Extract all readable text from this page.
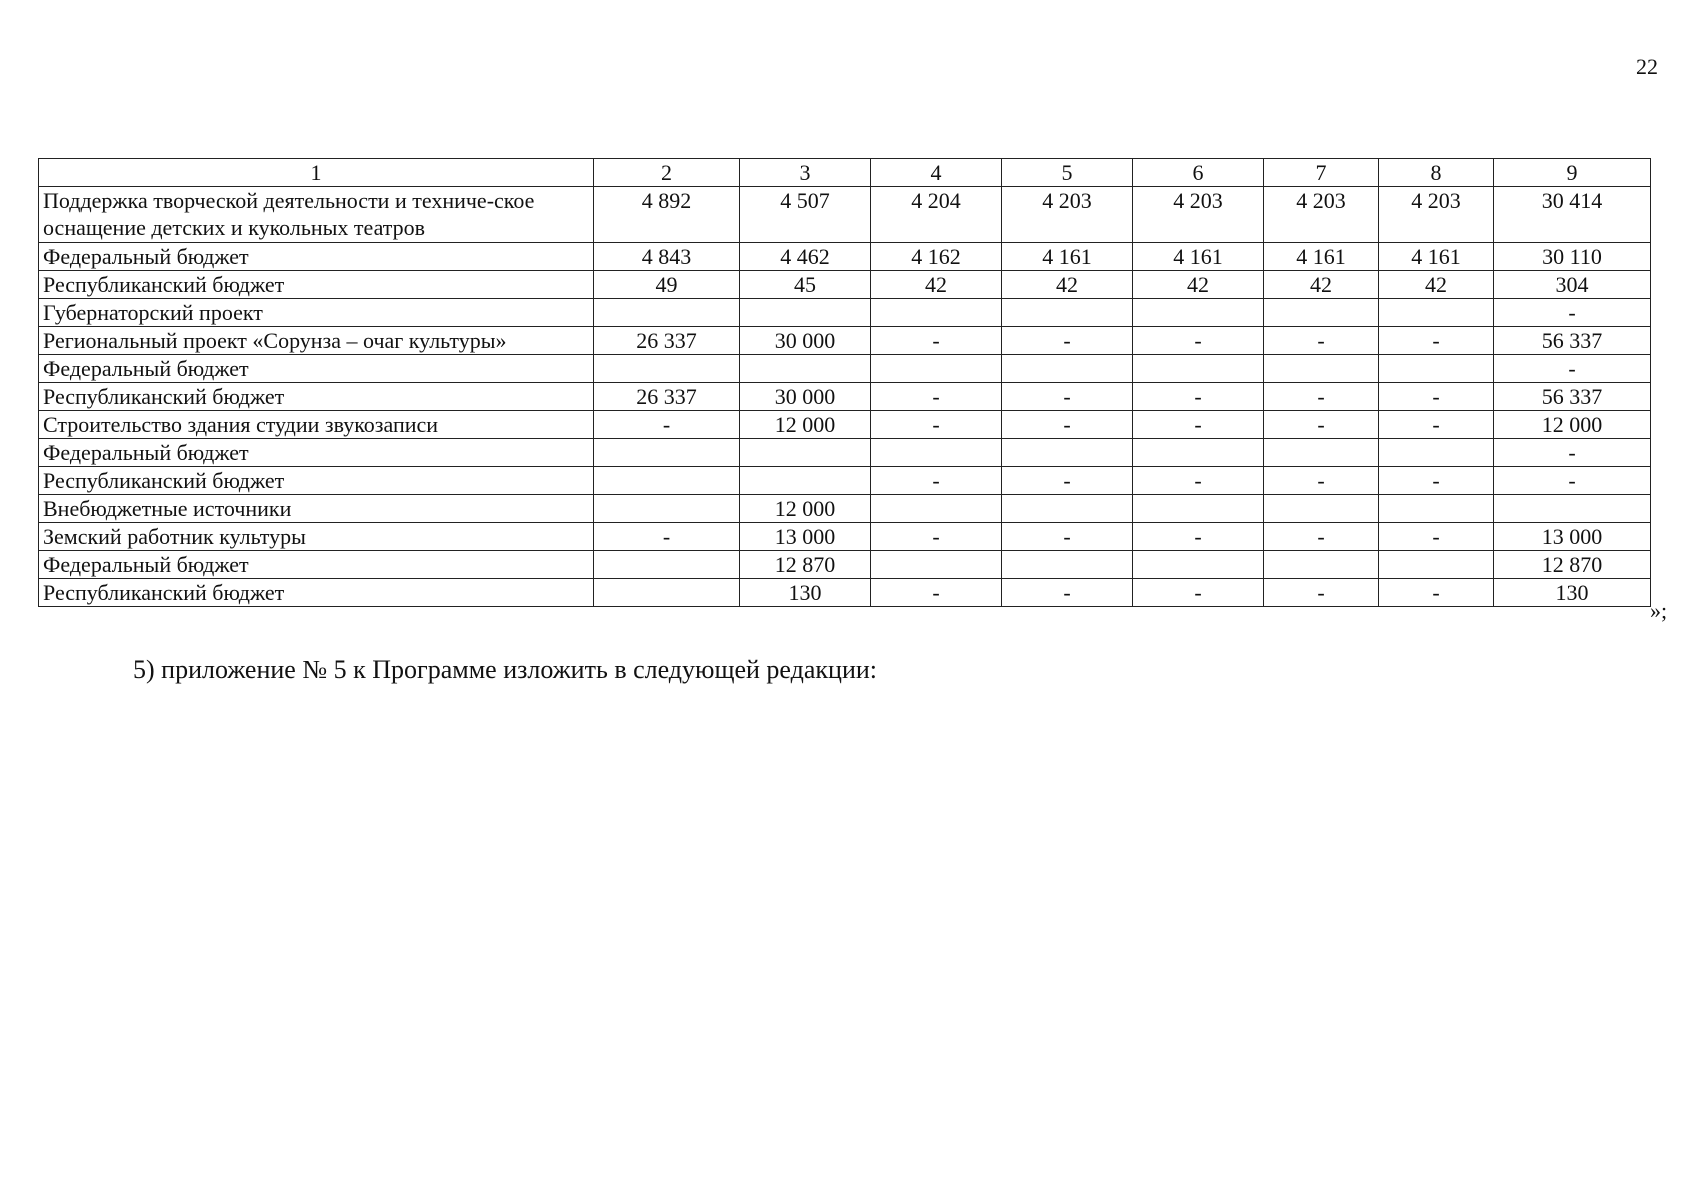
22
1	2	3	4	5	6	7	8	9
Поддержка творческой деятельности и техниче-ское оснащение детских и кукольных театров	4 892	4 507	4 204	4 203	4 203	4 203	4 203	30 414
Федеральный бюджет	4 843	4 462	4 162	4 161	4 161	4 161	4 161	30 110
Республиканский бюджет	49	45	42	42	42	42	42	304
Губернаторский проект								-
Региональный проект «Сорунза – очаг культуры»	26 337	30 000	-	-	-	-	-	56 337
Федеральный бюджет								-
Республиканский бюджет	26 337	30 000	-	-	-	-	-	56 337
Строительство здания студии звукозаписи	-	12 000	-	-	-	-	-	12 000
Федеральный бюджет								-
Республиканский бюджет			-	-	-	-	-	-
Внебюджетные источники		12 000						
Земский работник культуры	-	13 000	-	-	-	-	-	13 000
Федеральный бюджет		12 870						12 870
Республиканский бюджет		130	-	-	-	-	-	130
»;
5) приложение № 5 к Программе изложить в следующей редакции:
